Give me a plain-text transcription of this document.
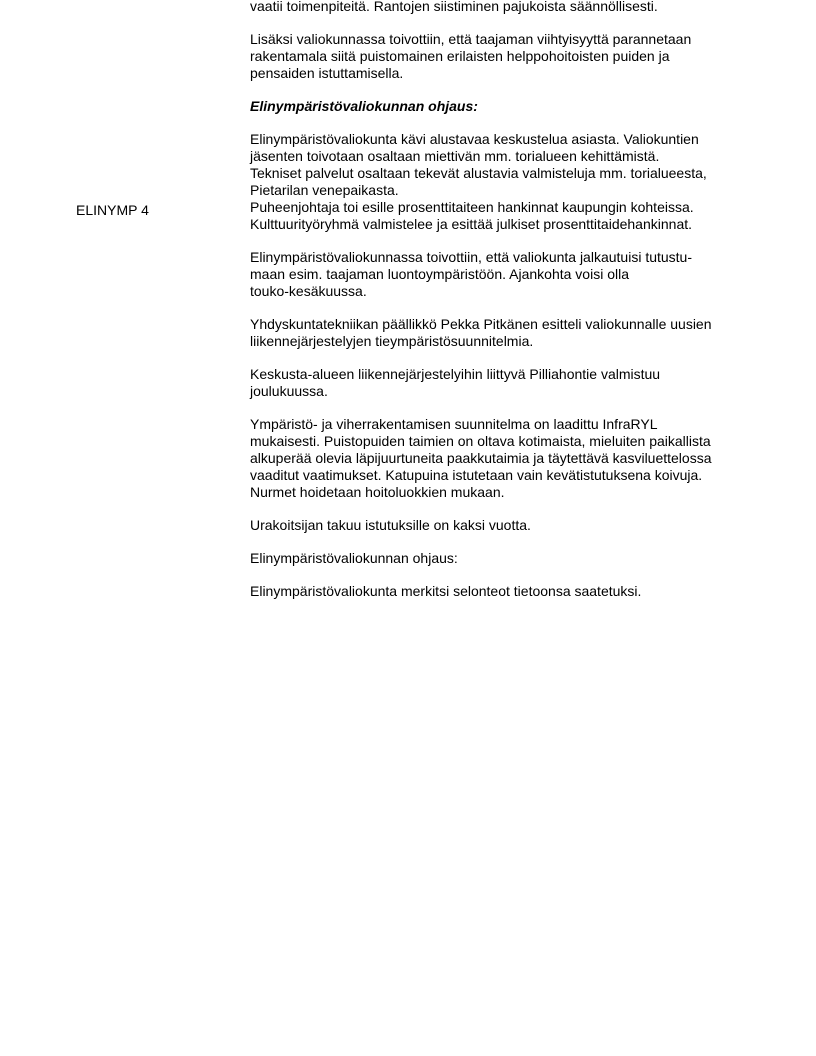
ELINYMP 4
vaatii toimenpiteitä. Rantojen siistiminen pajukoista säännöllisesti.
Lisäksi valiokunnassa toivottiin, että taajaman viihtyisyyttä parannetaan
rakentamala siitä puistomainen erilaisten helppohoitoisten puiden ja
pensaiden istuttamisella.
Elinympäristövaliokunnan ohjaus:
Elinympäristövaliokunta kävi alustavaa keskustelua asiasta. Valiokuntien
jäsenten toivotaan osaltaan miettivän mm. torialueen kehittämistä.
Tekniset palvelut osaltaan tekevät alustavia valmisteluja mm. torialueesta,
Pietarilan venepaikasta.
Puheenjohtaja toi esille prosenttitaiteen hankinnat kaupungin kohteissa.
Kulttuurityöryhmä valmistelee ja esittää julkiset prosenttitaidehankinnat.
Elinympäristövaliokunnassa toivottiin, että valiokunta jalkautuisi tutustu-
maan esim. taajaman luontoympäristöön. Ajankohta voisi olla
touko-kesäkuussa.
Yhdyskuntatekniikan päällikkö Pekka Pitkänen esitteli valiokunnalle uusien
liikennejärjestelyjen tieympäristösuunnitelmia.
Keskusta-alueen liikennejärjestelyihin liittyvä Pilliahontie valmistuu
joulukuussa.
Ympäristö- ja viherrakentamisen suunnitelma on laadittu InfraRYL
mukaisesti. Puistopuiden taimien on oltava kotimaista, mieluiten paikallista
alkuperää olevia läpijuurtuneita paakkutaimia ja täytettävä kasviluettelossa
vaaditut vaatimukset. Katupuina istutetaan vain kevätistutuksena koivuja.
Nurmet hoidetaan hoitoluokkien mukaan.
Urakoitsijan takuu istutuksille on kaksi vuotta.
Elinympäristövaliokunnan ohjaus:
Elinympäristövaliokunta merkitsi selonteot tietoonsa saatetuksi.
